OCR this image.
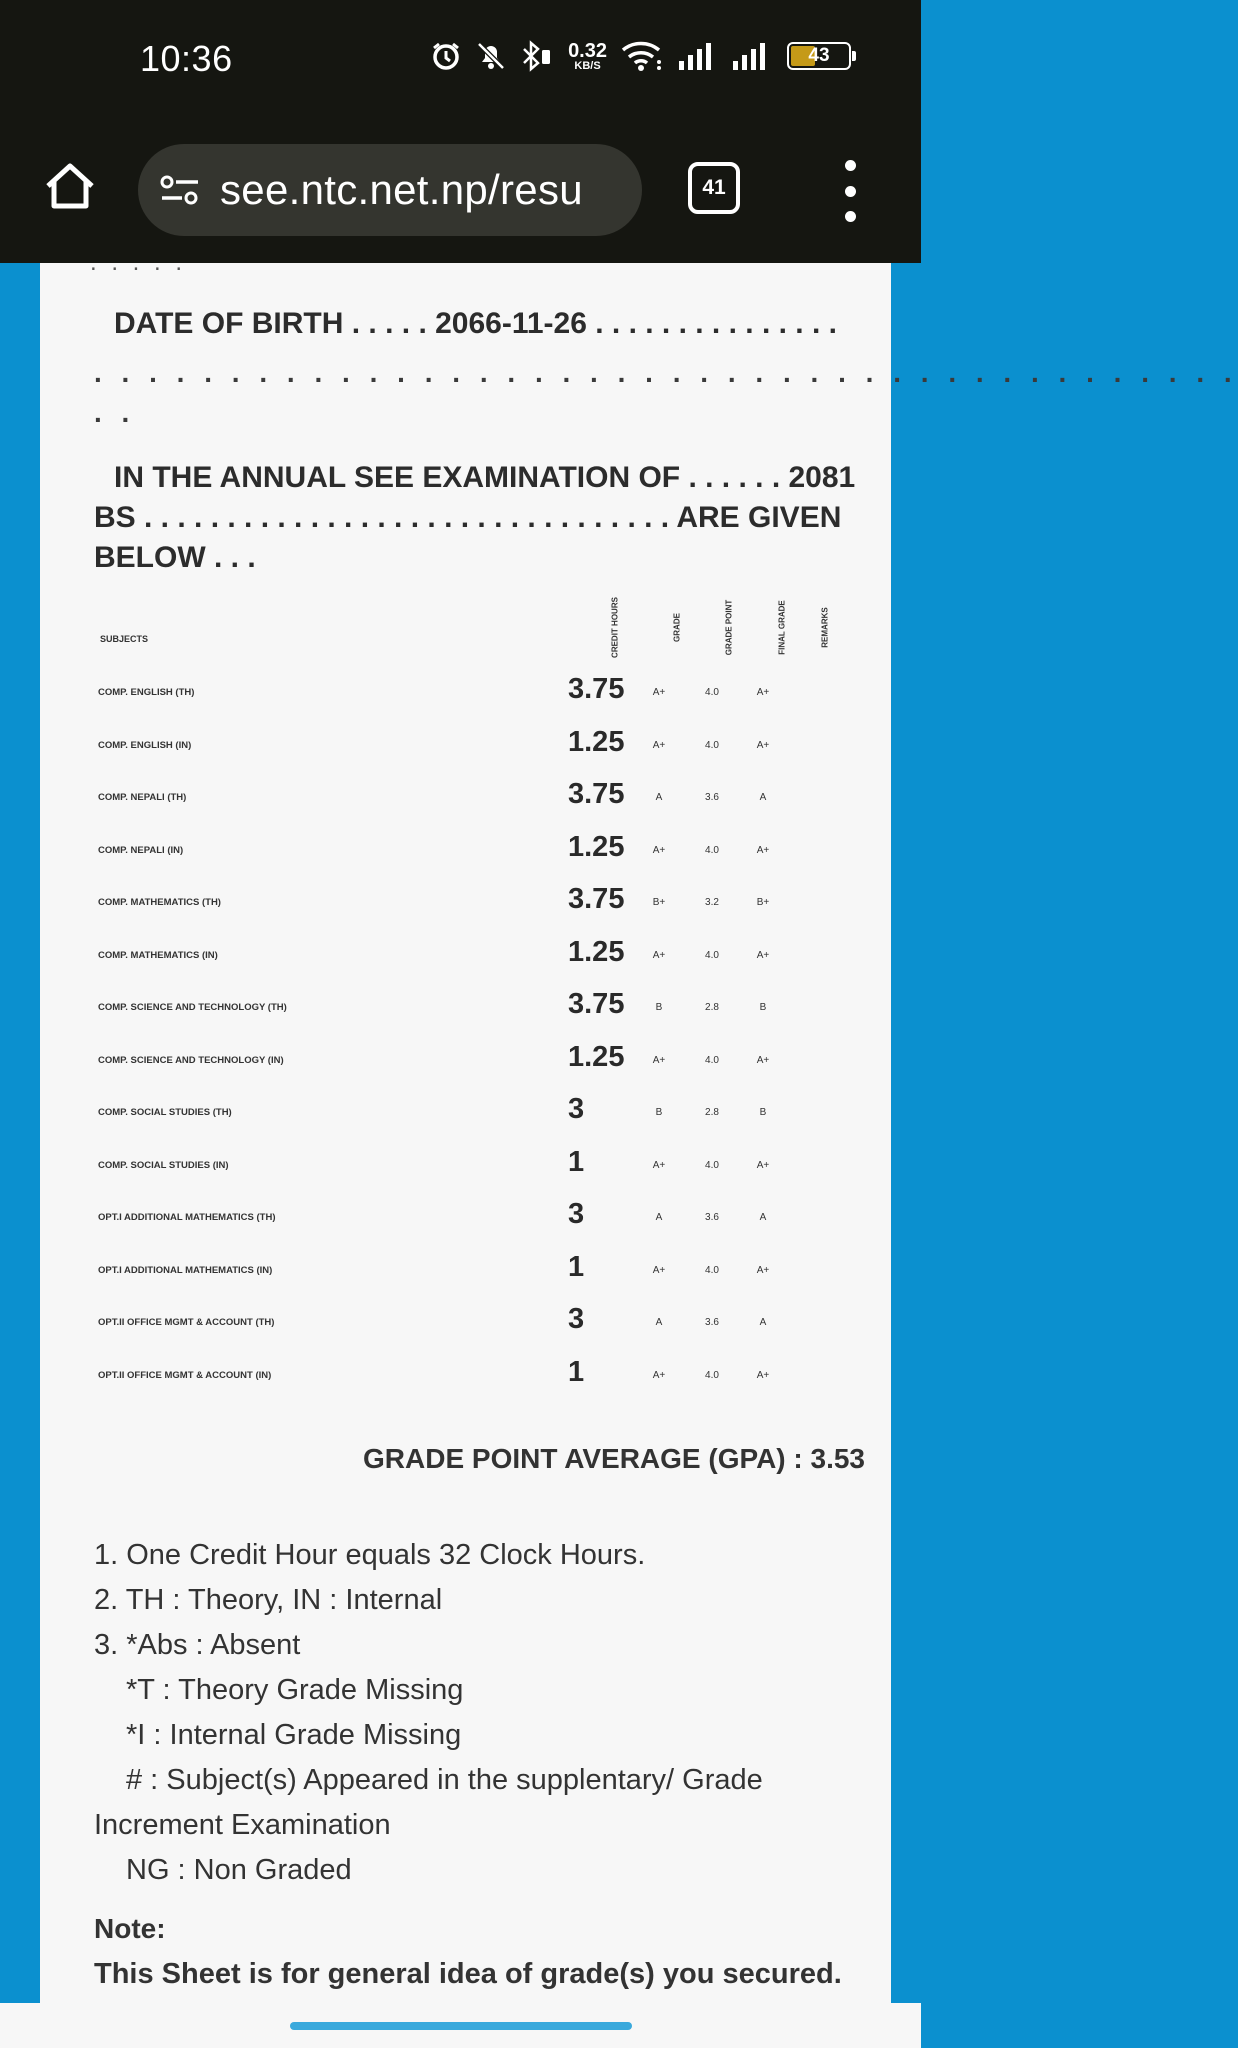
10:36	0.32
KB/S	43
see.ntc.net.np/resu	41
. . . . .
DATE OF BIRTH . . . . . 2066-11-26 . . . . . . . . . . . . . . .
. . . . . . . . . . . . . . . . . . . . . . . . . . . . . . . . . . . . . . . . . .
. .
IN THE ANNUAL SEE EXAMINATION OF . . . . . . 2081
BS . . . . . . . . . . . . . . . . . . . . . . . . . . . . . . . . ARE GIVEN
BELOW . . .
SUBJECTS	CREDIT HOURS	GRADE	GRADE POINT	FINAL GRADE	REMARKS
COMP. ENGLISH (TH)	3.75	A+	4.0	A+
COMP. ENGLISH (IN)	1.25	A+	4.0	A+
COMP. NEPALI (TH)	3.75	A	3.6	A
COMP. NEPALI (IN)	1.25	A+	4.0	A+
COMP. MATHEMATICS (TH)	3.75	B+	3.2	B+
COMP. MATHEMATICS (IN)	1.25	A+	4.0	A+
COMP. SCIENCE AND TECHNOLOGY (TH)	3.75	B	2.8	B
COMP. SCIENCE AND TECHNOLOGY (IN)	1.25	A+	4.0	A+
COMP. SOCIAL STUDIES (TH)	3	B	2.8	B
COMP. SOCIAL STUDIES (IN)	1	A+	4.0	A+
OPT.I ADDITIONAL MATHEMATICS (TH)	3	A	3.6	A
OPT.I ADDITIONAL MATHEMATICS (IN)	1	A+	4.0	A+
OPT.II OFFICE MGMT & ACCOUNT (TH)	3	A	3.6	A
OPT.II OFFICE MGMT & ACCOUNT (IN)	1	A+	4.0	A+
GRADE POINT AVERAGE (GPA) : 3.53
1. One Credit Hour equals 32 Clock Hours.
2. TH : Theory, IN : Internal
3. *Abs : Absent
*T : Theory Grade Missing
*I : Internal Grade Missing
# : Subject(s) Appeared in the supplentary/ Grade
Increment Examination
NG : Non Graded
Note:
This Sheet is for general idea of grade(s) you secured.
